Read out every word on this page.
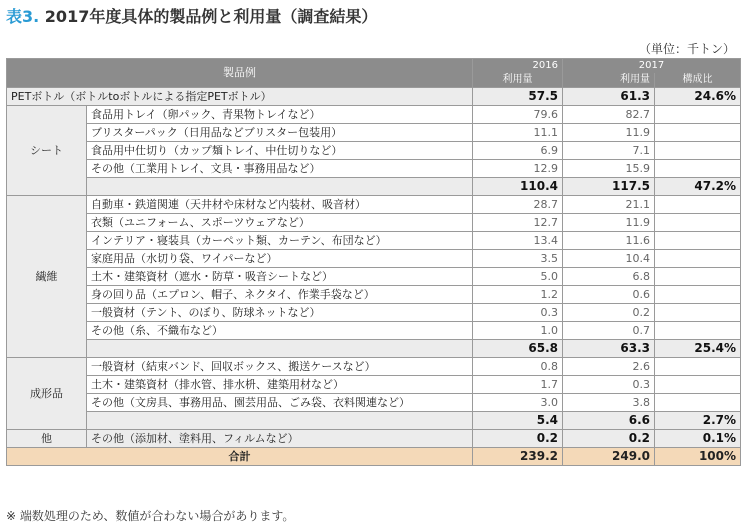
表3. 2017年度具体的製品例と利用量（調査結果）
（単位：千トン）
製品例		2016	2017	
		利用量	利用量	構成比
PETボトル（ボトルtoボトルによる指定PETボトル）		57.5	61.3	24.6%
シート	食品用トレイ（卵パック、青果物トレイなど）	79.6	82.7	
	ブリスターパック（日用品などブリスター包装用）	11.1	11.9	
	食品用中仕切り（カップ麺トレイ、中仕切りなど）	6.9	7.1	
	その他（工業用トレイ、文具・事務用品など）	12.9	15.9	
		110.4	117.5	47.2%
繊維	自動車・鉄道関連（天井材や床材など内装材、吸音材）	28.7	21.1	
	衣類（ユニフォーム、スポーツウェアなど）	12.7	11.9	
	インテリア・寝装具（カーペット類、カーテン、布団など）	13.4	11.6	
	家庭用品（水切り袋、ワイパーなど）	3.5	10.4	
	土木・建築資材（遮水・防草・吸音シートなど）	5.0	6.8	
	身の回り品（エプロン、帽子、ネクタイ、作業手袋など）	1.2	0.6	
	一般資材（テント、のぼり、防球ネットなど）	0.3	0.2	
	その他（糸、不織布など）	1.0	0.7	
		65.8	63.3	25.4%
成形品	一般資材（結束バンド、回収ボックス、搬送ケースなど）	0.8	2.6	
	土木・建築資材（排水管、排水枡、建築用材など）	1.7	0.3	
	その他（文房具、事務用品、園芸用品、ごみ袋、衣料関連など）	3.0	3.8	
		5.4	6.6	2.7%
他	その他（添加材、塗料用、フィルムなど）	0.2	0.2	0.1%
合計		239.2	249.0	100%
※ 端数処理のため、数値が合わない場合があります。
